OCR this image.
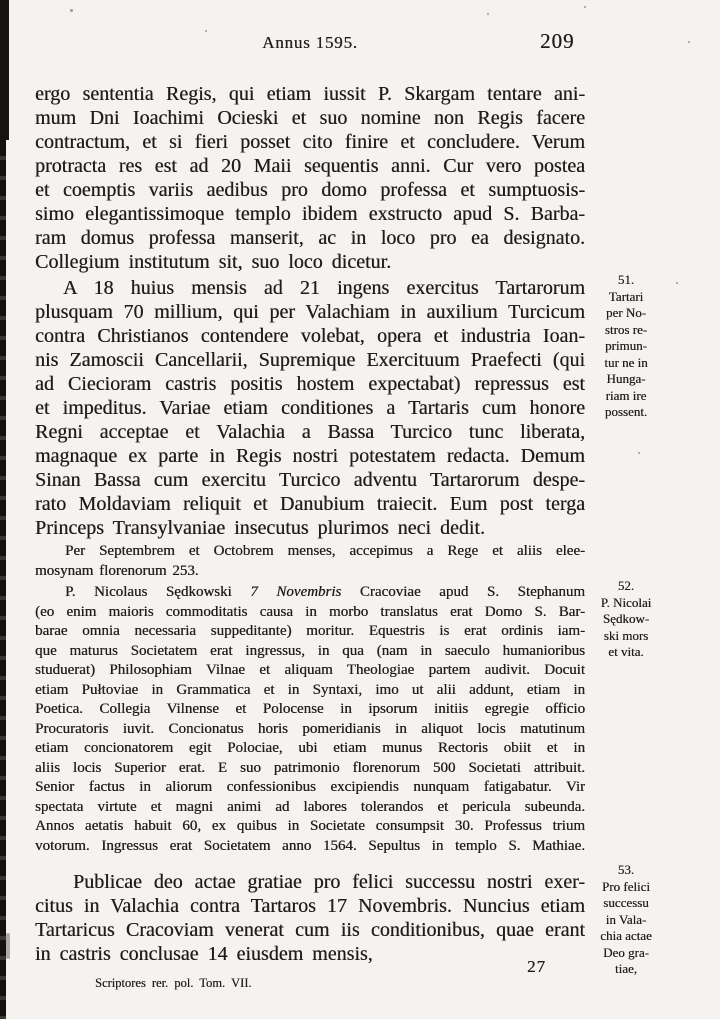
Annus 1595.	209
ergo sententia Regis, qui etiam iussit P. Skargam tentare ani-
mum Dni Ioachimi Ocieski et suo nomine non Regis facere
contractum, et si fieri posset cito finire et concludere. Verum
protracta res est ad 20 Maii sequentis anni. Cur vero postea
et coemptis variis aedibus pro domo professa et sumptuosis-
simo elegantissimoque templo ibidem exstructo apud S. Barba-
ram domus professa manserit, ac in loco pro ea designato.
Collegium institutum sit, suo loco dicetur.
A 18 huius mensis ad 21 ingens exercitus Tartarorum
plusquam 70 millium, qui per Valachiam in auxilium Turcicum
contra Christianos contendere volebat, opera et industria Ioan-
nis Zamoscii Cancellarii, Supremique Exercituum Praefecti (qui
ad Ciecioram castris positis hostem expectabat) repressus est
et impeditus. Variae etiam conditiones a Tartaris cum honore
Regni acceptae et Valachia a Bassa Turcico tunc liberata,
magnaque ex parte in Regis nostri potestatem redacta. Demum
Sinan Bassa cum exercitu Turcico adventu Tartarorum despe-
rato Moldaviam reliquit et Danubium traiecit. Eum post terga
Princeps Transylvaniae insecutus plurimos neci dedit.
Per Septembrem et Octobrem menses, accepimus a Rege et aliis elee-
mosynam florenorum 253.
P. Nicolaus Sędkowski 7 Novembris Cracoviae apud S. Stephanum
(eo enim maioris commoditatis causa in morbo translatus erat Domo S. Bar-
barae omnia necessaria suppeditante) moritur. Equestris is erat ordinis iam-
que maturus Societatem erat ingressus, in qua (nam in saeculo humanioribus
studuerat) Philosophiam Vilnae et aliquam Theologiae partem audivit. Docuit
etiam Pułtoviae in Grammatica et in Syntaxi, imo ut alii addunt, etiam in
Poetica. Collegia Vilnense et Polocense in ipsorum initiis egregie officio
Procuratoris iuvit. Concionatus horis pomeridianis in aliquot locis matutinum
etiam concionatorem egit Polociae, ubi etiam munus Rectoris obiit et in
aliis locis Superior erat. E suo patrimonio florenorum 500 Societati attribuit.
Senior factus in aliorum confessionibus excipiendis nunquam fatigabatur. Vir
spectata virtute et magni animi ad labores tolerandos et pericula subeunda.
Annos aetatis habuit 60, ex quibus in Societate consumpsit 30. Professus trium
votorum. Ingressus erat Societatem anno 1564. Sepultus in templo S. Mathiae.
Publicae deo actae gratiae pro felici successu nostri exer-
citus in Valachia contra Tartaros 17 Novembris. Nuncius etiam
Tartaricus Cracoviam venerat cum iis conditionibus, quae erant
in castris conclusae 14 eiusdem mensis,
51.
Tartari
per No-
stros re-
primun-
tur ne in
Hunga-
riam ire
possent.
52.
P. Nicolai
Sędkow-
ski mors
et vita.
53.
Pro felici
successu
in Vala-
chia actae
Deo gra-
tiae,
Scriptores rer. pol. Tom. VII.
27
